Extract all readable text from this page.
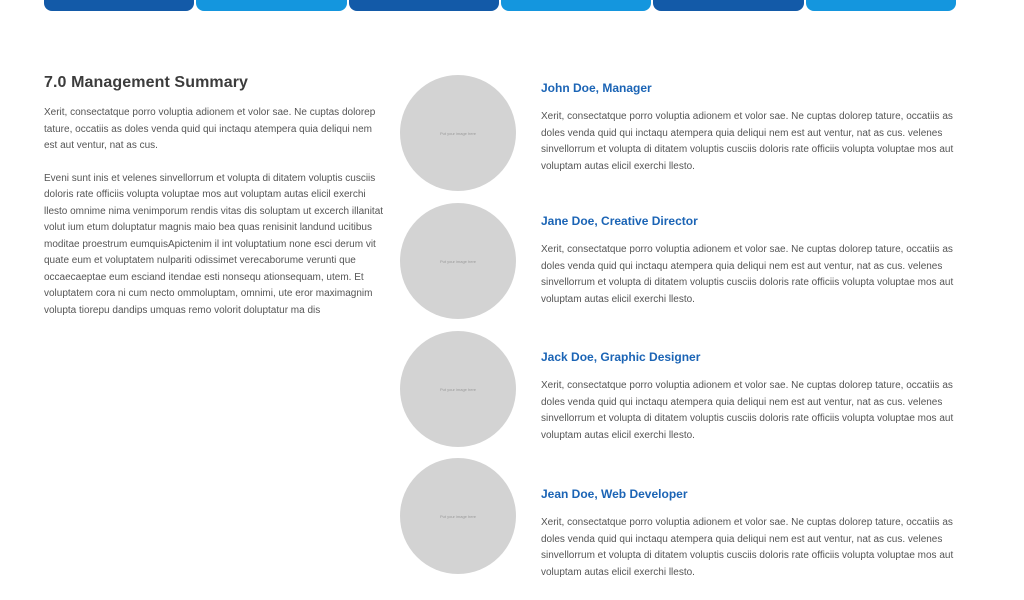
7.0 Management Summary

Xerit, consectatque porro voluptia adionem et volor sae. Ne cuptas dolorep tature, occatiis as doles venda quid qui inctaqu atempera quia deliqui nem est aut ventur, nat as cus.

Eveni sunt inis et velenes sinvellorrum et volupta di ditatem voluptis cusciis doloris rate officiis volupta voluptae mos aut voluptam autas elicil exerchi llesto omnime nima venimporum rendis vitas dis soluptam ut excerch illanitat volut ium etum doluptatur magnis maio bea quas renisinit landund ucitibus moditae proestrum eumquisApictenim il int voluptatium none esci derum vit quate eum et voluptatem nulpariti odissimet verecaborume veruntі que occaecaeptae eum esciand itendae esti nonsequ ationsequam, utem. Et voluptatem cora ni cum necto ommoluptam, omnimi, ute eror maximagnim volupta tiorepu dandips umquas remo volorit doluptatur ma dis

Put your image here
Put your image here
Put your image here
Put your image here
John Doe, Manager

Xerit, consectatque porro voluptia adionem et volor sae. Ne cuptas dolorep tature, occatiis as doles venda quid qui inctaqu atempera quia deliqui nem est aut ventur, nat as cus. velenes sinvellorrum et volupta di ditatem voluptis cusciis doloris rate officiis volupta voluptae mos aut voluptam autas elicil exerchi llesto.

Jane Doe, Creative Director

Xerit, consectatque porro voluptia adionem et volor sae. Ne cuptas dolorep tature, occatiis as doles venda quid qui inctaqu atempera quia deliqui nem est aut ventur, nat as cus. velenes sinvellorrum et volupta di ditatem voluptis cusciis doloris rate officiis volupta voluptae mos aut voluptam autas elicil exerchi llesto.

Jack Doe, Graphic Designer

Xerit, consectatque porro voluptia adionem et volor sae. Ne cuptas dolorep tature, occatiis as doles venda quid qui inctaqu atempera quia deliqui nem est aut ventur, nat as cus. velenes sinvellorrum et volupta di ditatem voluptis cusciis doloris rate officiis volupta voluptae mos aut voluptam autas elicil exerchi llesto.

Jean Doe, Web Developer

Xerit, consectatque porro voluptia adionem et volor sae. Ne cuptas dolorep tature, occatiis as doles venda quid qui inctaqu atempera quia deliqui nem est aut ventur, nat as cus. velenes sinvellorrum et volupta di ditatem voluptis cusciis doloris rate officiis volupta voluptae mos aut voluptam autas elicil exerchi llesto.
